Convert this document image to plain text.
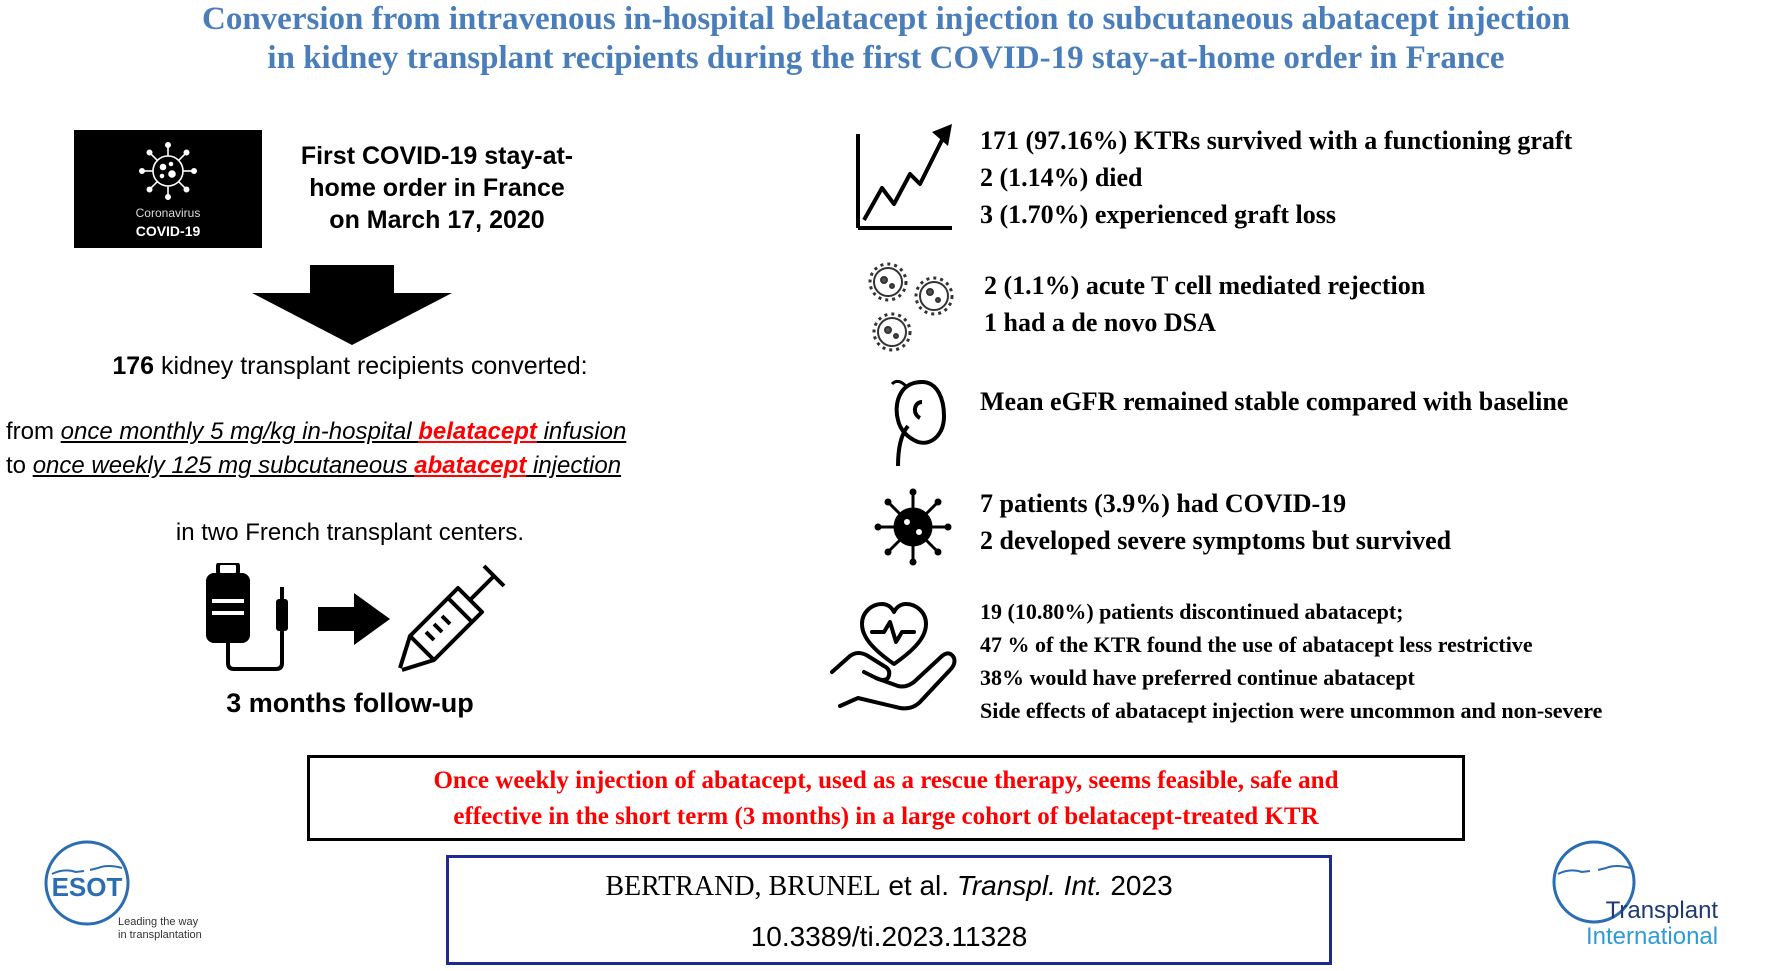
Conversion from intravenous in-hospital belatacept injection to subcutaneous abatacept injection
in kidney transplant recipients during the first COVID-19 stay-at-home order in France
Coronavirus
COVID-19
First COVID-19 stay-at-
home order in France
on March 17, 2020
176 kidney transplant recipients converted:
from once monthly 5 mg/kg in-hospital belatacept infusion
to once weekly 125 mg subcutaneous abatacept injection
in two French transplant centers.
3 months follow-up
171 (97.16%) KTRs survived with a functioning graft
2 (1.14%) died
3 (1.70%) experienced graft loss
2 (1.1%) acute T cell mediated rejection
1 had a de novo DSA
Mean eGFR remained stable compared with baseline
7 patients (3.9%) had COVID-19
2 developed severe symptoms but survived
19 (10.80%) patients discontinued abatacept;
47 % of the KTR found the use of abatacept less restrictive
38% would have preferred continue abatacept
Side effects of abatacept injection were uncommon and non-severe
Once weekly injection of abatacept, used as a rescue therapy, seems feasible, safe and
effective in the short term (3 months) in a large cohort of belatacept-treated KTR
BERTRAND, BRUNEL et al. Transpl. Int. 2023
10.3389/ti.2023.11328
ESOT
Leading the way
in transplantation
Transplant
International
